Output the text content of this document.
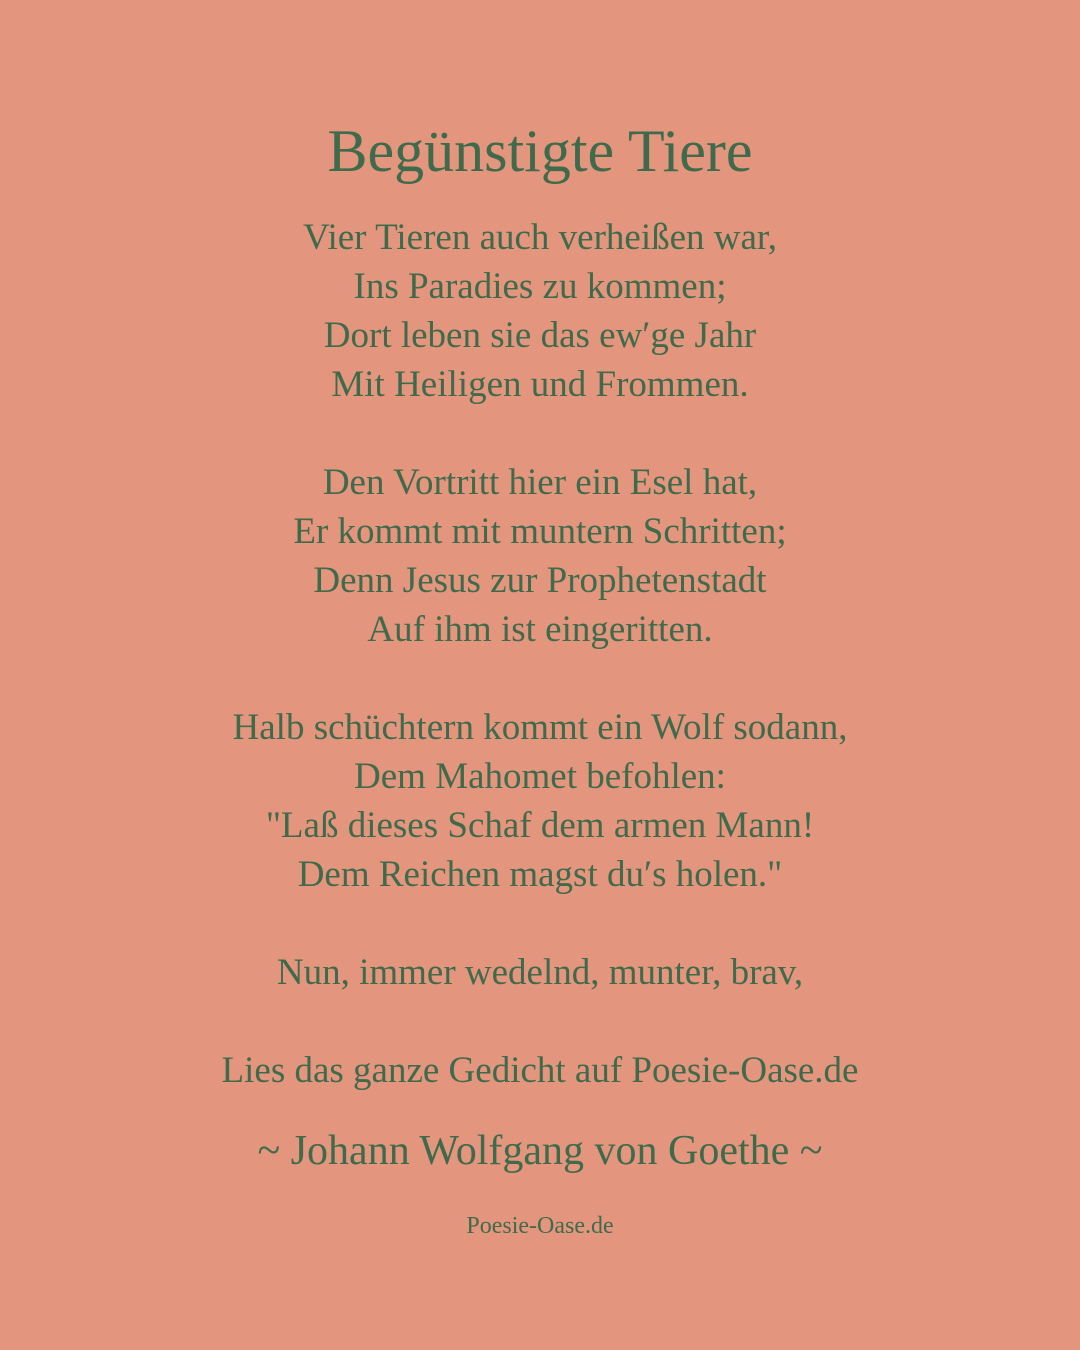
Begünstigte Tiere
Vier Tieren auch verheißen war,
Ins Paradies zu kommen;
Dort leben sie das ew′ge Jahr
Mit Heiligen und Frommen.
Den Vortritt hier ein Esel hat,
Er kommt mit muntern Schritten;
Denn Jesus zur Prophetenstadt
Auf ihm ist eingeritten.
Halb schüchtern kommt ein Wolf sodann,
Dem Mahomet befohlen:
"Laß dieses Schaf dem armen Mann!
Dem Reichen magst du′s holen."
Nun, immer wedelnd, munter, brav,
Lies das ganze Gedicht auf Poesie-Oase.de
~ Johann Wolfgang von Goethe ~
Poesie-Oase.de
